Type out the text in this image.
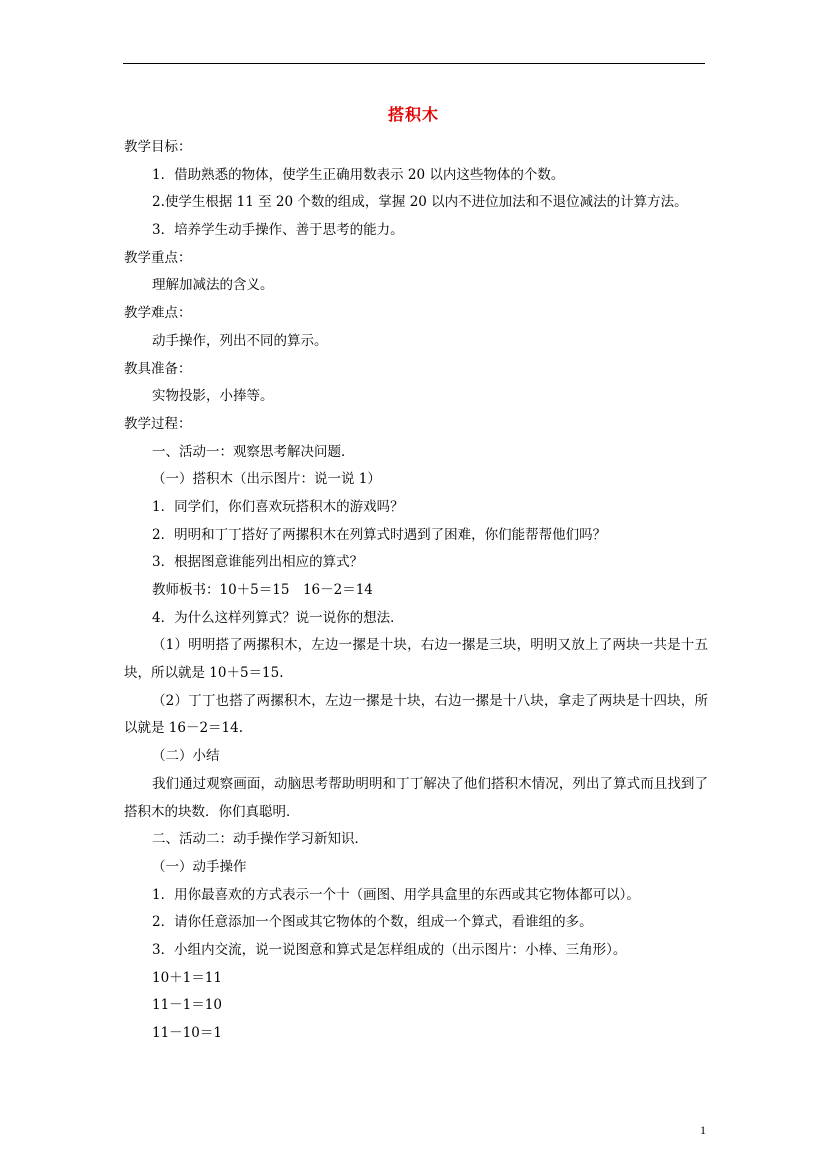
搭积木
教学目标：
1．借助熟悉的物体，使学生正确用数表示 20 以内这些物体的个数。
2.使学生根据 11 至 20 个数的组成，掌握 20 以内不进位加法和不退位减法的计算方法。
3．培养学生动手操作、善于思考的能力。
教学重点：
理解加减法的含义。
教学难点：
动手操作，列出不同的算示。
教具准备：
实物投影，小捧等。
教学过程：
一、活动一：观察思考解决问题．
（一）搭积木（出示图片：说一说 1）
1．同学们，你们喜欢玩搭积木的游戏吗？
2．明明和丁丁搭好了两摞积木在列算式时遇到了困难，你们能帮帮他们吗？
3．根据图意谁能列出相应的算式？
教师板书：10＋5＝15　16－2＝14
4．为什么这样列算式？说一说你的想法．
（1）明明搭了两摞积木，左边一摞是十块，右边一摞是三块，明明又放上了两块一共是十五块，所以就是 10＋5＝15.
（2）丁丁也搭了两摞积木，左边一摞是十块，右边一摞是十八块，拿走了两块是十四块，所以就是 16－2＝14.
（二）小结
我们通过观察画面，动脑思考帮助明明和丁丁解决了他们搭积木情况，列出了算式而且找到了搭积木的块数．你们真聪明．
二、活动二：动手操作学习新知识．
（一）动手操作
1．用你最喜欢的方式表示一个十（画图、用学具盒里的东西或其它物体都可以）。
2．请你任意添加一个图或其它物体的个数，组成一个算式，看谁组的多。
3．小组内交流，说一说图意和算式是怎样组成的（出示图片：小棒、三角形）。
10＋1＝11
11－1＝10
11－10＝1
1
